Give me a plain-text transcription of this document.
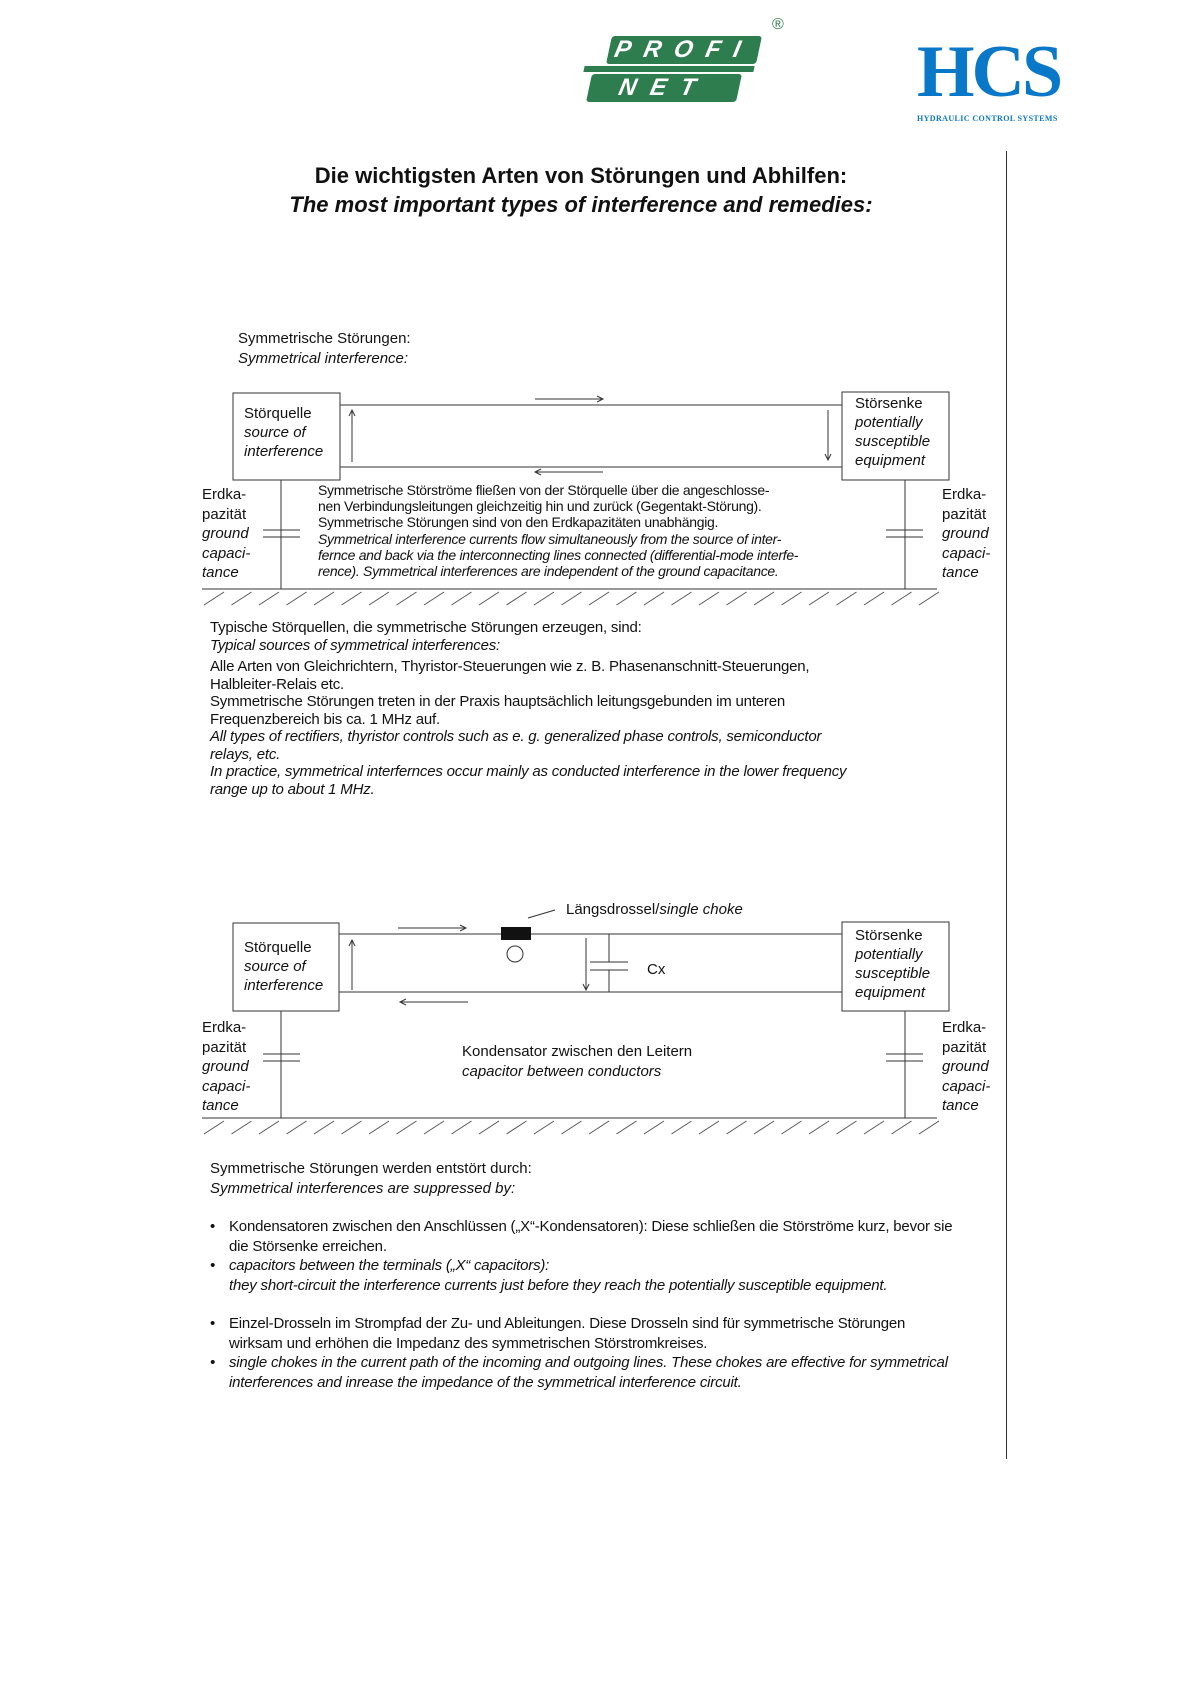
PROFI
NET
®
HCS
HYDRAULIC CONTROL SYSTEMS
Die wichtigsten Arten von Störungen und Abhilfen:
The most important types of interference and remedies:
Symmetrische Störungen:
Symmetrical interference:
Störquelle
source of
interference
Störsenke
potentially
susceptible
equipment
Erdka-
pazität
ground
capaci-
tance
Erdka-
pazität
ground
capaci-
tance
Symmetrische Störströme fließen von der Störquelle über die angeschlosse-
nen Verbindungsleitungen gleichzeitig hin und zurück (Gegentakt-Störung).
Symmetrische Störungen sind von den Erdkapazitäten unabhängig.
Symmetrical interference currents flow simultaneously from the source of inter-
fernce and back via the interconnecting lines connected (differential-mode interfe-
rence). Symmetrical interferences are independent of the ground capacitance.
Typische Störquellen, die symmetrische Störungen erzeugen, sind:
Typical sources of symmetrical interferences:
Alle Arten von Gleichrichtern, Thyristor-Steuerungen wie z. B. Phasenanschnitt-Steuerungen,
Halbleiter-Relais etc.
Symmetrische Störungen treten in der Praxis hauptsächlich leitungsgebunden im unteren
Frequenzbereich bis ca. 1 MHz auf.
All types of rectifiers, thyristor controls such as e. g. generalized phase controls, semiconductor
relays, etc.
In practice, symmetrical interfernces occur mainly as conducted interference in the lower frequency
range up to about 1 MHz.
Längsdrossel/single choke
Cx
Störquelle
source of
interference
Störsenke
potentially
susceptible
equipment
Erdka-
pazität
ground
capaci-
tance
Erdka-
pazität
ground
capaci-
tance
Kondensator zwischen den Leitern
capacitor between conductors
Symmetrische Störungen werden entstört durch:
Symmetrical interferences are suppressed by:
• Kondensatoren zwischen den Anschlüssen („X“-Kondensatoren): Diese schließen die Störströme kurz, bevor sie die Störsenke erreichen.
• capacitors between the terminals („X“ capacitors):
they short-circuit the interference currents just before they reach the potentially susceptible equipment.
• Einzel-Drosseln im Strompfad der Zu- und Ableitungen. Diese Drosseln sind für symmetrische Störungen wirksam und erhöhen die Impedanz des symmetrischen Störstromkreises.
• single chokes in the current path of the incoming and outgoing lines. These chokes are effective for symmetrical interferences and inrease the impedance of the symmetrical interference circuit.
